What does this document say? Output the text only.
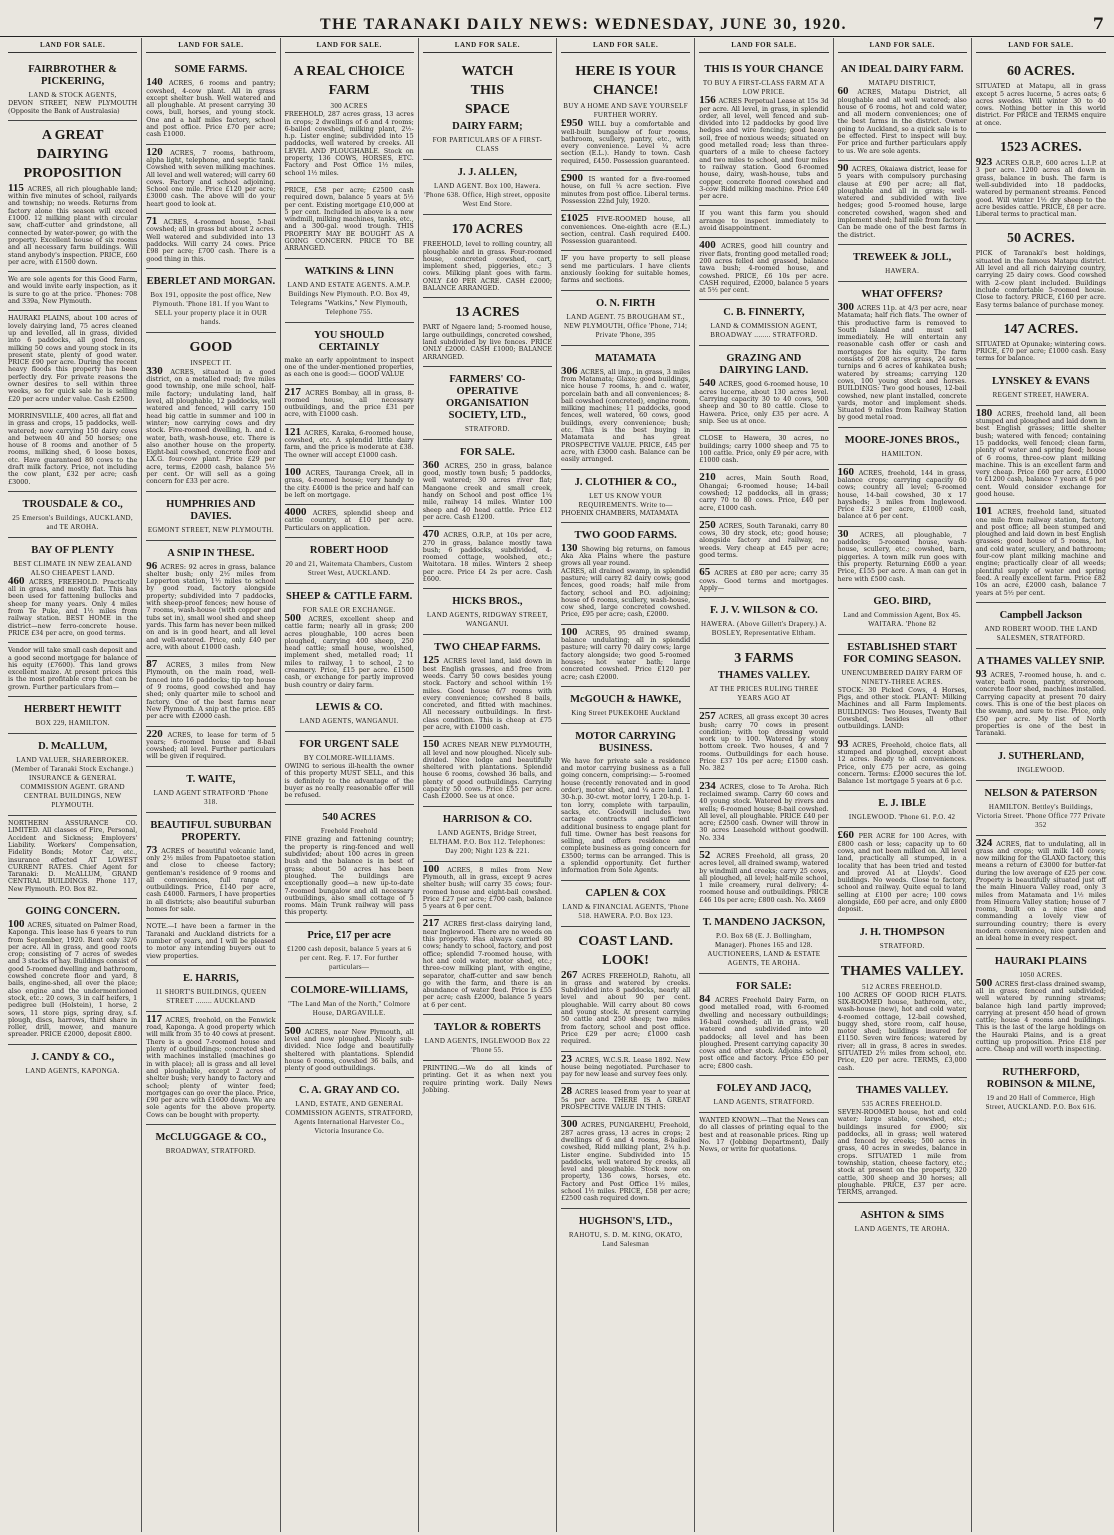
THE TARANAKI DAILY NEWS: WEDNESDAY, JUNE 30, 1920.	7
LAND FOR SALE.
FAIRBROTHER & PICKERING,
LAND & STOCK AGENTS,
DEVON STREET, NEW PLYMOUTH (Opposite the Bank of Australasia)
A GREAT
DAIRYING
PROPOSITION
115 ACRES, all rich ploughable land; within five minutes of school, railyards and township; no weeds. Returns from factory alone this season will exceed £1000. 12 milking plant with circular saw, chaff-cutter and grindstone, all connected by water-power, go with the property. Excellent house of six rooms and all necessary farm buildings. Will stand anybody's inspection. PRICE, £60 per acre, with £1500 down.
We are sole agents for this Good Farm, and would invite early inspection, as it is sure to go at the price. 'Phones: 708 and 339a, New Plymouth.
HAURAKI PLAINS, about 100 acres of lovely dairying land, 75 acres cleaned up and levelled, all in grass, divided into 6 paddocks, all good fences, milking 50 cows and young stock in its present state, plenty of good water. PRICE £90 per acre. During the recent heavy floods this property has been perfectly dry. For private reasons the owner desires to sell within three weeks, so for quick sale he is selling £20 per acre under value. Cash £2500.
MORRINSVILLE, 400 acres, all flat and in grass and crops, 15 paddocks, well-watered; now carrying 150 dairy cows and between 40 and 50 horses; one house of 8 rooms and another of 5 rooms, milking shed, 6 loose boxes, etc. Have guaranteed 80 cows to the draft milk factory. Price, not including the cow plant, £32 per acre; cash £3000.
TROUSDALE & CO.,
25 Emerson's Buildings, AUCKLAND, and TE AROHA.
BAY OF PLENTY
BEST CLIMATE IN NEW ZEALAND ALSO CHEAPEST LAND.
460 ACRES, FREEHOLD. Practically all in grass, and mostly flat. This has been used for fattening bullocks and sheep for many years. Only 4 miles from Te Puke, and 1½ miles from railway station. BEST HOME in the district—new ferro-concrete house. PRICE £34 per acre, on good terms.
Vendor will take small cash deposit and a good second mortgage for balance of his equity (£7600). This land grows excellent maize. At present prices this is the most profitable crop that can be grown. Further particulars from—
HERBERT HEWITT
BOX 229, HAMILTON.
D. McALLUM,
LAND VALUER, SHAREBROKER. (Member of Taranaki Stock Exchange.) INSURANCE & GENERAL COMMISSION AGENT. GRAND CENTRAL BUILDINGS, NEW PLYMOUTH.
NORTHERN ASSURANCE CO. LIMITED. All classes of Fire, Personal, Accident and Sickness; Employers' Liability. Workers' Compensation, Fidelity Bonds; Motor Car, etc., insurance effected AT LOWEST CURRENT RATES. Chief Agent for Taranaki: D. McALLUM, GRAND CENTRAL BUILDINGS. Phone 117, New Plymouth. P.O. Box 82.
GOING CONCERN.
100 ACRES, situated on Palmer Road, Kaponga. This lease has 6 years to run from September, 1920. Rent only 32/6 per acre. All in grass, and good roots crop; consisting of 7 acres of swedes and 3 stacks of hay. Buildings consist of good 5-roomed dwelling and bathroom, cowshed concrete floor and yard, 8 bails, engine-shed, all over the place; also engine and the undermentioned stock, etc.: 20 cows, 3 in calf heifers, 1 pedigree bull (Holstein), 1 horse, 2 sows, 11 store pigs, spring dray, s.f. plough, discs, harrows, third share in roller, drill, mower, and manure spreader. PRICE £2000, deposit £800.
J. CANDY & CO.,
LAND AGENTS, KAPONGA.
LAND FOR SALE.
SOME FARMS.
140 ACRES, 6 rooms and pantry; cowshed, 4-cow plant. All in grass except shelter bush. Well watered and all ploughable. At present carrying 30 cows, bull, horses, and young stock. One and a half miles factory, school and post office. Price £70 per acre; cash £1000.
120 ACRES, 7 rooms, bathroom, alpha light, telephone, and septic tank. Cowshed with seven milking machines. All level and well watered; will carry 60 cows. Factory and school adjoining. School one mile. Price £120 per acre; £3000 cash. The above will do your heart good to look at.
71 ACRES, 4-roomed house, 5-bail cowshed; all in grass but about 2 acres. Well watered and subdivided into 13 paddocks. Will carry 24 cows. Price £98 per acre; £700 cash. There is a good thing in this.
EBERLET AND MORGAN.
Box 191, opposite the post office, New Plymouth. 'Phone 181. If you Want to SELL your property place it in OUR hands.
GOOD
INSPECT IT.
330 ACRES, situated in a good district, on a metalled road; five miles good township, one mile school, half-mile factory; undulating land, half level, all ploughable, 12 paddocks, well watered and fenced, will carry 150 head big cattle in summer and 100 in winter; now carrying cows and dry stock. Five-roomed dwelling, h. and c. water, bath, wash-house, etc. There is also another house on the property. Eight-bail cowshed, concrete floor and LX.G. four-cow plant. Price £29 per acre, terms, £2000 cash, balance 5½ per cent. Or will sell as a going concern for £33 per acre.
HUMPHRIES AND DAVIES.
EGMONT STREET, NEW PLYMOUTH.
A SNIP IN THESE.
96 ACRES: 92 acres in grass, balance shelter bush; only 2½ miles from Lepperton station, 1½ miles to school by good road, factory alongside property; subdivided into 7 paddocks, with sheep-proof fences; new house of 7 rooms, wash-house (with copper and tubs set in), small wool shed and sheep yards. This farm has never been milked on and is in good heart, and all level and well-watered. Price, only £40 per acre, with about £1000 cash.
87 ACRES, 3 miles from New Plymouth, on the main road, well-fenced into 16 paddocks; tip top house of 9 rooms, good cowshed and hay shed; only quarter mile to school and factory. One of the best farms near New Plymouth. A snip at the price. £85 per acre with £2000 cash.
220 ACRES, to lease for term of 5 years; 6-roomed house and 8-bail cowshed; all level. Further particulars will be given if required.
T. WAITE,
LAND AGENT STRATFORD 'Phone 318.
BEAUTIFUL SUBURBAN PROPERTY.
73 ACRES of beautiful volcanic land, only 2½ miles from Papatoetoe station and close to cheese factory; gentleman's residence of 9 rooms and all conveniences, full range of outbuildings. Price, £140 per acre, cash £4000. Farmers, I have properties in all districts; also beautiful suburban homes for sale.
NOTE.—I have been a farmer in the Taranaki and Auckland districts for a number of years, and I will be pleased to motor any intending buyers out to view properties.
E. HARRIS,
11 SHORT'S BUILDINGS, QUEEN STREET ........ AUCKLAND
117 ACRES, freehold, on the Fenwick road, Kaponga. A good property which will milk from 35 to 40 cows at present. There is a good 7-roomed house and plenty of outbuildings; concreted shed with machines installed (machines go in with place); all is grass and all level and ploughable, except 2 acres of shelter bush; very handy to factory and school; plenty of winter feed; mortgages can go over the place. Price, £90 per acre with £1600 down. We are sole agents for the above property. Cows can be bought with property.
McCLUGGAGE & CO.,
BROADWAY, STRATFORD.
LAND FOR SALE.
A REAL CHOICE
FARM
300 ACRES
FREEHOLD, 287 acres grass, 13 acres in crops; 2 dwellings of 6 and 4 rooms; 6-bailed cowshed, milking plant, 2½-h.p. Lister engine; subdivided into 15 paddocks, well watered by creeks. All LEVEL AND PLOUGHABLE. Stock on property, 136 COWS, HORSES, ETC. Factory and Post Office 1½ miles, school 1½ miles.
PRICE, £58 per acre; £2500 cash required down, balance 5 years at 5½ per cent. Existing mortgage £10,000 at 5 per cent. Included in above is a new windmill, milking machines, tanks, etc., and a 300-gal. wood trough. THIS PROPERTY MAY BE BOUGHT AS A GOING CONCERN. PRICE TO BE ARRANGED.
WATKINS & LINN
LAND AND ESTATE AGENTS. A.M.P. Buildings New Plymouth. P.O. Box 49, Telegrams "Watkins," New Plymouth, Telephone 755.
YOU SHOULD CERTAINLY
make an early appointment to inspect one of the under-mentioned properties, as each one is good:— GOOD VALUE
217 ACRES Bombay, all in grass, 8-roomed house, all necessary outbuildings, and the price £31 per acre, with £1000 cash.
121 ACRES, Karaka, 6-roomed house, cowshed, etc. A splendid little dairy farm, and the price is moderate at £38. The owner will accept £1000 cash.
100 ACRES, Tauranga Creek, all in grass, 4-roomed house; very handy to the city. £4000 is the price and half can be left on mortgage.
4000 ACRES, splendid sheep and cattle country, at £10 per acre. Particulars on application.
ROBERT HOOD
20 and 21, Waitemata Chambers, Custom Street West, AUCKLAND.
SHEEP & CATTLE FARM.
FOR SALE OR EXCHANGE.
500 ACRES, excellent sheep and cattle farm; nearly all in grass; 200 acres ploughable, 100 acres been ploughed, carrying 400 sheep, 250 head cattle; small house, woolshed, implement shed, metalled road; 11 miles to railway, 1 to school, 2 to creamery. Price, £15 per acre. £1500 cash, or exchange for partly improved bush country or dairy farm.
LEWIS & CO.
LAND AGENTS, WANGANUI.
FOR URGENT SALE
BY COLMORE-WILLIAMS.
OWING to serious ill-health the owner of this property MUST SELL, and this is definitely to the advantage of the buyer as no really reasonable offer will be refused.
540 ACRES
Freehold Freehold
FINE grazing and fattening country; the property is ring-fenced and well subdivided; about 100 acres in green bush and the balance is in best of grass; about 50 acres has been ploughed. The buildings are exceptionally good—a new up-to-date 7-roomed bungalow and all necessary outbuildings, also small cottage of 5 rooms. Main Trunk railway will pass this property.
Price, £17 per acre
£1200 cash deposit, balance 5 years at 6 per cent. Reg. F. 17. For further particulars—
COLMORE-WILLIAMS,
"The Land Man of the North," Colmore House, DARGAVILLE.
500 ACRES, near New Plymouth, all level and now ploughed. Nicely sub-divided. Nice lodge and beautifully sheltered with plantations. Splendid house 6 rooms, cowshed 36 bails, and plenty of good outbuildings.
C. A. GRAY AND CO.
LAND, ESTATE, AND GENERAL COMMISSION AGENTS, STRATFORD, Agents International Harvester Co., Victoria Insurance Co.
LAND FOR SALE.
WATCH
THIS
SPACE
DAIRY FARM;
FOR PARTICULARS OF A FIRST-CLASS
J. J. ALLEN,
LAND AGENT. Box 100, Hawera. 'Phone 638. Office, High street, opposite West End Store.
170 ACRES
FREEHOLD, level to rolling country, all ploughable and in grass. Four-roomed house, concreted cowshed, cart, implement shed, piggeries, etc.; 3 cows. Milking plant goes with farm. ONLY £40 PER ACRE. CASH £2000; BALANCE ARRANGED.
13 ACRES
PART of Ngaere land; 5-roomed house, large outbuildings, concreted cowshed, land subdivided by live fences. PRICE ONLY £2000. CASH £1000; BALANCE ARRANGED.
FARMERS' CO-OPERATIVE ORGANISATION SOCIETY, LTD.,
STRATFORD.
FOR SALE.
360 ACRES, 250 in grass, balance good, mostly town bush; 5 paddocks, well watered; 30 acres river flat; Mangaone creek and small creek, handy on School and post office 1¼ mile, railway 14 miles. Winter 100 sheep and 40 head cattle. Price £12 per acre. Cash £1200.
470 ACRES, O.R.P., at 10s per acre, 270 in grass, balance mostly tawa bush; 6 paddocks, subdivided, 4-roomed cottage, woolshed, etc.; Waitotara. 18 miles. Winters 2 sheep per acre. Price £4 2s per acre. Cash £600.
HICKS BROS.,
LAND AGENTS, RIDGWAY STREET, WANGANUI.
TWO CHEAP FARMS.
125 ACRES level land, laid down in best English grasses, and free from weeds. Carry 50 cows besides young stock. Factory and school within 1½ miles. Good house 6/7 rooms with every convenience; cowshed 8 bails, concreted, and fitted with machines. All necessary outbuildings. In first-class condition. This is cheap at £75 per acre, with £1000 cash.
150 ACRES NEAR NEW PLYMOUTH, all level and now ploughed. Nicely sub-divided. Nice lodge and beautifully sheltered with plantations. Splendid house 6 rooms, cowshed 36 bails, and plenty of good outbuildings. Carrying capacity 50 cows. Price £55 per acre. Cash £2000. See us at once.
HARRISON & CO.
LAND AGENTS, Bridge Street, ELTHAM. P.O. Box 112. Telephones: Day 200; Night 123 & 221.
100 ACRES, 8 miles from New Plymouth, all in grass, except 9 acres shelter bush; will carry 35 cows; four-roomed house and eight-bail cowshed. Price £27 per acre; £700 cash, balance 5 years at 6 per cent.
217 ACRES first-class dairying land, near Inglewood. There are no weeds on this property. Has always carried 80 cows; handy to school, factory, and post office; splendid 7-roomed house, with hot and cold water, motor shed, etc.; three-cow milking plant, with engine, separator, chaff-cutter and saw bench go with the farm, and there is an abundance of water feed. Price is £55 per acre; cash £2000, balance 5 years at 6 per cent.
TAYLOR & ROBERTS
LAND AGENTS, INGLEWOOD Box 22 'Phone 55.
PRINTING.—We do all kinds of printing. Get it as when next you require printing work. Daily News Jobbing.
LAND FOR SALE.
HERE IS YOUR
CHANCE!
BUY A HOME AND SAVE YOURSELF FURTHER WORRY.
£950 WILL buy a comfortable and well-built bungalow of four rooms, bathroom, scullery, pantry, etc., with every convenience. Level ¼ acre section (E.L.). Handy to town. Cash required, £450. Possession guaranteed.
£900 IS wanted for a five-roomed house, on full ¼ acre section. Five minutes from post office. Liberal terms. Possession 22nd July, 1920.
£1025 FIVE-ROOMED house, all conveniences. One-eighth acre (E.L.) section, central. Cash required £400. Possession guaranteed.
IF you have property to sell please send me particulars. I have clients anxiously looking for suitable homes, farms and sections.
O. N. FIRTH
LAND AGENT. 75 BROUGHAM ST., NEW PLYMOUTH, Office 'Phone, 714; Private 'Phone, 395
MATAMATA
306 ACRES, all imp., in grass, 3 miles from Matamata; Glaxo; good buildings, nice house 7 rooms, h. and c. water, porcelain bath and all conveniences; 8-bail cowshed (concreted), engine room, milking machines; 11 paddocks, good fences, well watered, 60 cows, good buildings, every convenience; bush; etc. This is the best buying in Matamata and has great PROSPECTIVE VALUE. PRICE, £45 per acre, with £3000 cash. Balance can be easily arranged.
J. CLOTHIER & CO.,
LET US KNOW YOUR REQUIREMENTS. Write to—
PHOENIX CHAMBERS, MATAMATA
TWO GOOD FARMS.
130 Showing big returns, on famous Aka Aka Plains where the pasture grows all year round.
ACRES, all drained swamp, in splendid pasture; will carry 82 dairy cows; good fences, good roads; half mile from factory, school and P.O. adjoining; house of 6 rooms, scullery, wash-house, cow shed, large concreted cowshed. Price, £95 per acre; cash, £2000.
100 ACRES, 95 drained swamp, balance undulating; all in splendid pasture; will carry 70 dairy cows; large factory alongside; two good 5-roomed houses; hot water bath; large concreted cowshed. Price £120 per acre; cash £2000.
McGOUCH & HAWKE,
King Street PUKEKOHE Auckland
MOTOR CARRYING BUSINESS.
We have for private sale a residence and motor carrying business as a full going concern, comprising:— 5-roomed house (recently renovated and in good order), motor shed, and ¼ acre land. 1 30-h.p. 30-cwt. motor lorry, 1 20-h.p. 1-ton lorry, complete with tarpaulin, sacks, etc. Goodwill includes two cartage contracts and sufficient additional business to engage plant for full time. Owner has best reasons for selling, and offers residence and complete business as going concern for £3500; terms can be arranged. This is a splendid opportunity. Get further information from Sole Agents.
CAPLEN & COX
LAND & FINANCIAL AGENTS, 'Phone 518. HAWERA. P.O. Box 123.
COAST LAND.
LOOK!
267 ACRES FREEHOLD, Rahotu, all in grass and watered by creeks. Subdivided into 8 paddocks, nearly all level and about 90 per cent. ploughable. Will carry about 80 cows and young stock. At present carrying 50 cattle and 250 sheep; two miles from factory, school and post office. Price £29 per acre; £1000 cash required.
23 ACRES, W.C.S.R. Lease 1892. New house being negotiated. Purchaser to pay for new lease and survey fees only.
28 ACRES leased from year to year at 5s per acre. THERE IS A GREAT PROSPECTIVE VALUE IN THIS:
300 ACRES, PUNGAREHU, Freehold, 287 acres grass, 13 acres in crops; 2 dwellings of 6 and 4 rooms, 8-bailed cowshed, Ridd milking plant, 2¼ h.p. Lister engine. Subdivided into 15 paddocks, well watered by creeks, all level and ploughable. Stock now on property, 136 cows, horses, etc. Factory and Post Office 1½ miles, school 1½ miles. PRICE, £58 per acre; £2500 cash required down.
HUGHSON'S, LTD.,
RAHOTU, S. D. M. KING, OKATO, Land Salesman
LAND FOR SALE.
THIS IS YOUR CHANCE
TO BUY A FIRST-CLASS FARM AT A LOW PRICE.
156 ACRES Perpetual Lease at 15s 3d per acre. All level, in grass, in splendid order, all level, well fenced and sub-divided into 12 paddocks by good live hedges and wire fencing; good heavy soil, free of noxious weeds; situated on good metalled road; less than three-quarters of a mile to cheese factory and two miles to school, and four miles to railway station. Good 6-roomed house, dairy, wash-house, tubs and copper, concrete floored cowshed and 3-cow Ridd milking machine. Price £40 per acre.
If you want this farm you should arrange to inspect immediately to avoid disappointment.
400 ACRES, good hill country and river flats, fronting good metalled road; 200 acres felled and grassed, balance tawa bush; 4-roomed house, and cowshed. PRICE, £6 10s per acre. CASH required, £2000, balance 5 years at 5½ per cent.
C. B. FINNERTY,
LAND & COMMISSION AGENT, BROADWAY ........ STRATFORD.
GRAZING AND DAIRYING LAND.
540 ACRES, good 6-roomed house, 10 acres lucerne, about 130 acres level. Carrying capacity 30 to 40 cows, 500 sheep and 30 to 80 cattle. Close to Hawera. Price, only £35 per acre. A snip. See us at once.
CLOSE to Hawera, 30 acres, no buildings; carry 1000 sheep and 75 to 100 cattle. Price, only £9 per acre, with £1000 cash.
210 acres, Main South Road, Ohangai; 6-roomed house; 14-bail cowshed; 12 paddocks, all in grass; carry 70 to 80 cows. Price, £40 per acre, £1000 cash.
250 ACRES, South Taranaki, carry 80 cows, 30 dry stock, etc; good house; alongside factory and railway, no weeds. Very cheap at £45 per acre; good terms.
65 ACRES at £80 per acre; carry 35 cows. Good terms and mortgages. Apply—
F. J. V. WILSON & CO.
HAWERA. (Above Gillett's Drapery.) A. BOSLEY, Representative Eltham.
3 FARMS
THAMES VALLEY.
AT THE PRICES RULING THREE YEARS AGO AT
257 ACRES, all grass except 30 acres bush; carry 70 cows in present condition; with top dressing would work up to 100. Watered by stony bottom creek. Two houses, 4 and 7 rooms. Outbuildings for each house. Price £37 10s per acre; £1500 cash. No. 382
234 ACRES, close to Te Aroha. Rich reclaimed swamp. Carry 60 cows and 40 young stock. Watered by rivers and wells; 6-roomed house; 8-bail cowshed. All level, all ploughable. PRICE £40 per acre; £2500 cash. Owner will throw in 30 acres Leasehold without goodwill. No. 334
52 ACRES Freehold, all grass, 20 acres level, all drained swamp, watered by windmill and creeks; carry 25 cows, all ploughed, all level; half-mile school, 1 mile creamery, rural delivery; 4-roomed house and outbuildings. PRICE £46 10s per acre; £800 cash. No. X469
T. MANDENO JACKSON,
P.O. Box 68 (E. J. Bollingham, Manager). Phones 165 and 128. AUCTIONEERS, LAND & ESTATE AGENTS, TE AROHA.
FOR SALE:
84 ACRES Freehold Dairy Farm, on good metalled road, with 6-roomed dwelling and necessary outbuildings; 16-bail cowshed; all in grass, well watered and subdivided into 20 paddocks; all level and has been ploughed. Present carrying capacity 30 cows and other stock. Adjoins school, post office and factory. Price £50 per acre; £800 cash.
FOLEY AND JACQ,
LAND AGENTS, STRATFORD.
WANTED KNOWN.—That the News can do all classes of printing equal to the best and at reasonable prices. Ring up No. 17 (Jobbing Department), Daily News, or write for quotations.
LAND FOR SALE.
AN IDEAL DAIRY FARM.
MATAPU DISTRICT,
60 ACRES, Matapu District, all ploughable and all well watered; also house of 6 rooms, hot and cold water, and all modern conveniences; one of the best farms in the district. Owner going to Auckland, so a quick sale is to be effected. First to inspect will buy. For price and further particulars apply to us. We are sole agents.
90 ACRES, Okaiawa district, lease for 5 years with compulsory purchasing clause at £90 per acre; all flat, ploughable and all in grass; well-watered and subdivided with live hedges; good 5-roomed house, large concreted cowshed, wagon shed and implement shed; half mile from factory. Can be made one of the best farms in the district.
TREWEEK & JOLL,
HAWERA.
WHAT OFFERS?
300 ACRES 11p. at 4/3 per acre, near Matamata; half rich flats. The owner of this productive farm is removed to South Island and must sell immediately. He will entertain any reasonable cash offer or cash and mortgages for his equity. The farm consists of 208 acres grass, 24 acres turnips and 6 acres of kahikatea bush; watered by streams; carrying 120 cows, 100 young stock and horses. BUILDINGS: Two good houses, 12-bail cowshed, new plant installed, concrete yards, motor and implement sheds. Situated 9 miles from Railway Station by good metal road.
MOORE-JONES BROS.,
HAMILTON.
160 ACRES, freehold, 144 in grass, balance crops; carrying capacity 60 cows; country all level; 6-roomed house, 14-bail cowshed, 30 x 17 haysheds; 3 miles from Inglewood. Price £32 per acre, £1000 cash, balance at 6 per cent.
30 ACRES, all ploughable, 7 paddocks; 5-roomed house, wash-house, scullery, etc.; cowshed, barn, piggeries. A town milk run goes with this property. Returning £600 a year. Price, £155 per acre. A man can get in here with £500 cash.
GEO. BIRD,
Land and Commission Agent, Box 45. WAITARA. 'Phone 82
ESTABLISHED START FOR COMING SEASON.
UNENCUMBERED DAIRY FARM OF NINETY-THREE ACRES.
STOCK: 30 Picked Cows, 4 Horses, Pigs, and other stock. PLANT: Milking Machines and all Farm Implements. BUILDINGS: Two Houses, Twenty Bail Cowshed, besides all other outbuildings. LAND:
93 ACRES, Freehold, choice flats, all stumped and ploughed, except about 12 acres. Ready to all conveniences. Price, only £75 per acre, as going concern. Terms: £2000 secures the lot. Balance 1st mortgage 5 years at 6 p.c.
E. J. IBLE
INGLEWOOD. 'Phone 61. P.O. 42
£60 PER ACRE for 100 Acres, with £800 cash or less; capacity up to 60 cows, and not been milked on. All level land, practically all stumped, in a locality that has been tried and tested and proved A1 at Lloyds'. Good buildings. No weeds. Close to factory, school and railway. Quite equal to land selling at £100 per acre; 100 cows alongside, £60 per acre, and only £800 deposit.
J. H. THOMPSON
STRATFORD.
THAMES VALLEY.
512 ACRES FREEHOLD.
100 ACRES OF GOOD RICH FLATS. SIX-ROOMED house, bathroom, etc., wash-house (new), hot and cold water, 4-roomed cottage, 12-bail cowshed, buggy shed, store room, calf house, motor shed; buildings insured for £1150. Seven wire fences; watered by river; all in grass, 8 acres in swedes. SITUATED 2½ miles from school, etc. Price, £20 per acre. TERMS, £3,000 cash.
THAMES VALLEY.
535 ACRES FREEHOLD.
SEVEN-ROOMED house, hot and cold water; large stable, cowshed, etc.; buildings insured for £900; six paddocks, all in grass; well watered and fenced by creeks; 500 acres in grass, 40 acres in swedes, balance in crops. SITUATED 1 mile from township, station, cheese factory, etc.; stock at present on the property, 320 cattle, 300 sheep and 30 horses; all ploughable. PRICE, £37 per acre. TERMS, arranged.
ASHTON & SIMS
LAND AGENTS, TE AROHA.
LAND FOR SALE.
60 ACRES.
SITUATED at Matapu, all in grass except 5 acres lucerne, 5 acres oats; 6 acres swedes. Will winter 30 to 40 cows. Nothing better in this world district. For PRICE and TERMS enquire at once.
1523 ACRES.
923 ACRES O.R.P., 600 acres L.I.P. at 3 per acre. 1200 acres all down in grass, balance in bush. The farm is well-subdivided into 18 paddocks, watered by permanent streams. Fenced good. Will winter 1½ dry sheep to the acre besides cattle. PRICE, £8 per acre. Liberal terms to practical man.
50 ACRES.
PICK of Taranaki's best holdings, situated in the famous Matapu district. All level and all rich dairying country, carrying 25 dairy cows. Good cowshed with 2-cow plant included. Buildings include comfortable 5-roomed house. Close to factory. PRICE, £160 per acre. Easy terms balance of purchase money.
147 ACRES.
SITUATED at Opunake; wintering cows. PRICE, £70 per acre; £1000 cash. Easy terms for balance.
LYNSKEY & EVANS
REGENT STREET, HAWERA.
180 ACRES, freehold land, all been stumped and ploughed and laid down in best English grasses; little shelter bush; watered with fenced; containing 15 paddocks, well fenced; clean farm, plenty of water and spring feed; house of 6 rooms, three-cow plant milking machine. This is an excellent farm and very cheap. Price £60 per acre, £1000 to £1200 cash, balance 7 years at 6 per cent. Would consider exchange for good house.
101 ACRES, freehold land, situated one mile from railway station, factory, and post office; all been stumped and ploughed and laid down in best English grasses; good house of 5 rooms, hot and cold water, scullery, and bathroom; four-cow plant milking machine and engine; practically clear of all weeds; plentiful supply of water and spring feed. A really excellent farm. Price £82 10s an acre, £2000 cash, balance 7 years at 5½ per cent.
Campbell Jackson
AND ROBERT WOOD. THE LAND SALESMEN, STRATFORD.
A THAMES VALLEY SNIP.
93 ACRES, 7-roomed house, h. and c. water, bath room, pantry, storeroom, concrete floor shed, machines installed. Carrying capacity at present 70 dairy cows. This is one of the best places on the swamp, and sure to rise. Price, only £50 per acre. My list of North properties is one of the best in Taranaki.
J. SUTHERLAND,
INGLEWOOD.
NELSON & PATERSON
HAMILTON. Bettley's Buildings, Victoria Street. 'Phone Office 777 Private 352
324 ACRES, flat to undulating, all in grass and crops; will milk 140 cows; now milking for the GLAXO factory, this means a return of £3000 for butter-fat during the low average of £25 per cow. Property is beautifully situated just off the main Hinuera Valley road, only 3 miles from Matamata and 1½ miles from Hinuera Valley station; house of 7 rooms, built on a nice rise and commanding a lovely view of surrounding country; there is every modern convenience, nice garden and an ideal home in every respect.
HAURAKI PLAINS
1050 ACRES.
500 ACRES first-class drained swamp, all in grass; fenced and subdivided; well watered by running streams; balance high land partly improved; carrying at present 450 head of grown cattle; house 4 rooms and buildings. This is the last of the large holdings on the Hauraki Plains, and is a great cutting up proposition. Price £18 per acre. Cheap and will worth inspecting.
RUTHERFORD, ROBINSON & MILNE,
19 and 20 Hall of Commerce, High Street, AUCKLAND. P.O. Box 616.
